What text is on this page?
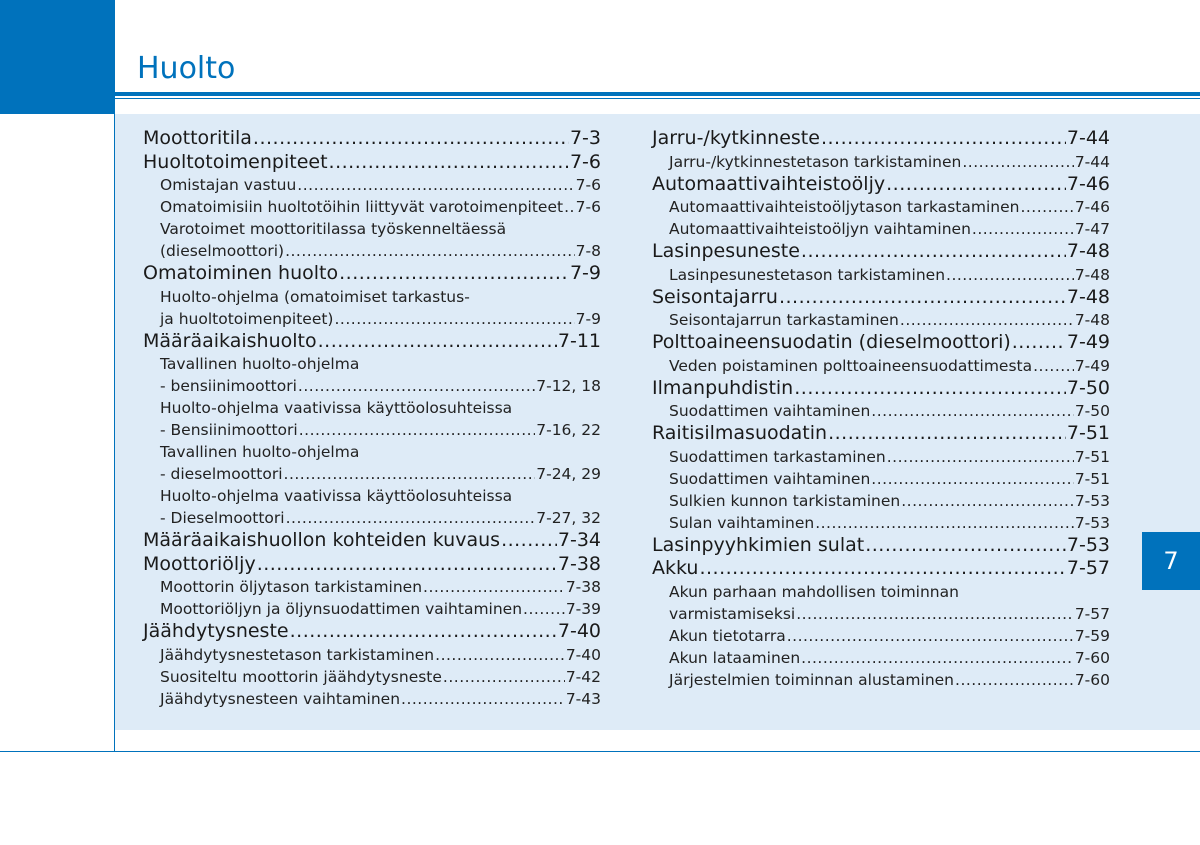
Huolto
Moottoritila .....	7-3
Huoltotoimenpiteet .....	7-6
Omistajan vastuu .....	7-6
Omatoimisiin huoltotöihin liittyvät varotoimenpiteet ..... 7-6
Varotoimet moottoritilassa työskenneltäessä
(dieselmoottori) .....	7-8
Omatoiminen huolto .....	7-9
Huolto-ohjelma (omatoimiset tarkastus-
ja huoltotoimenpiteet) .....	7-9
Määräaikaishuolto .....	7-11
Tavallinen huolto-ohjelma
- bensiinimoottori .....	7-12, 18
Huolto-ohjelma vaativissa käyttöolosuhteissa
- Bensiinimoottori .....	7-16, 22
Tavallinen huolto-ohjelma
- dieselmoottori .....	7-24, 29
Huolto-ohjelma vaativissa käyttöolosuhteissa
- Dieselmoottori .....	7-27, 32
Määräaikaishuollon kohteiden kuvaus .....	7-34
Moottoriöljy .....	7-38
Moottorin öljytason tarkistaminen .....	7-38
Moottoriöljyn ja öljynsuodattimen vaihtaminen .....	7-39
Jäähdytysneste .....	7-40
Jäähdytysnestetason tarkistaminen .....	7-40
Suositeltu moottorin jäähdytysneste .....	7-42
Jäähdytysnesteen vaihtaminen .....	7-43
Jarru-/kytkinneste .....	7-44
Jarru-/kytkinnestetason tarkistaminen .....	7-44
Automaattivaihteistoöljy .....	7-46
Automaattivaihteistoöljytason tarkastaminen .....	7-46
Automaattivaihteistoöljyn vaihtaminen .....	7-47
Lasinpesuneste .....	7-48
Lasinpesunestetason tarkistaminen .....	7-48
Seisontajarru .....	7-48
Seisontajarrun tarkastaminen .....	7-48
Polttoaineensuodatin (dieselmoottori) .....	7-49
Veden poistaminen polttoaineensuodattimesta .....	7-49
Ilmanpuhdistin .....	7-50
Suodattimen vaihtaminen .....	7-50
Raitisilmasuodatin .....	7-51
Suodattimen tarkastaminen .....	7-51
Suodattimen vaihtaminen .....	7-51
Sulkien kunnon tarkistaminen .....	7-53
Sulan vaihtaminen .....	7-53
Lasinpyyhkimien sulat .....	7-53
Akku .....	7-57
Akun parhaan mahdollisen toiminnan
varmistamiseksi .....	7-57
Akun tietotarra .....	7-59
Akun lataaminen .....	7-60
Järjestelmien toiminnan alustaminen .....	7-60
7
